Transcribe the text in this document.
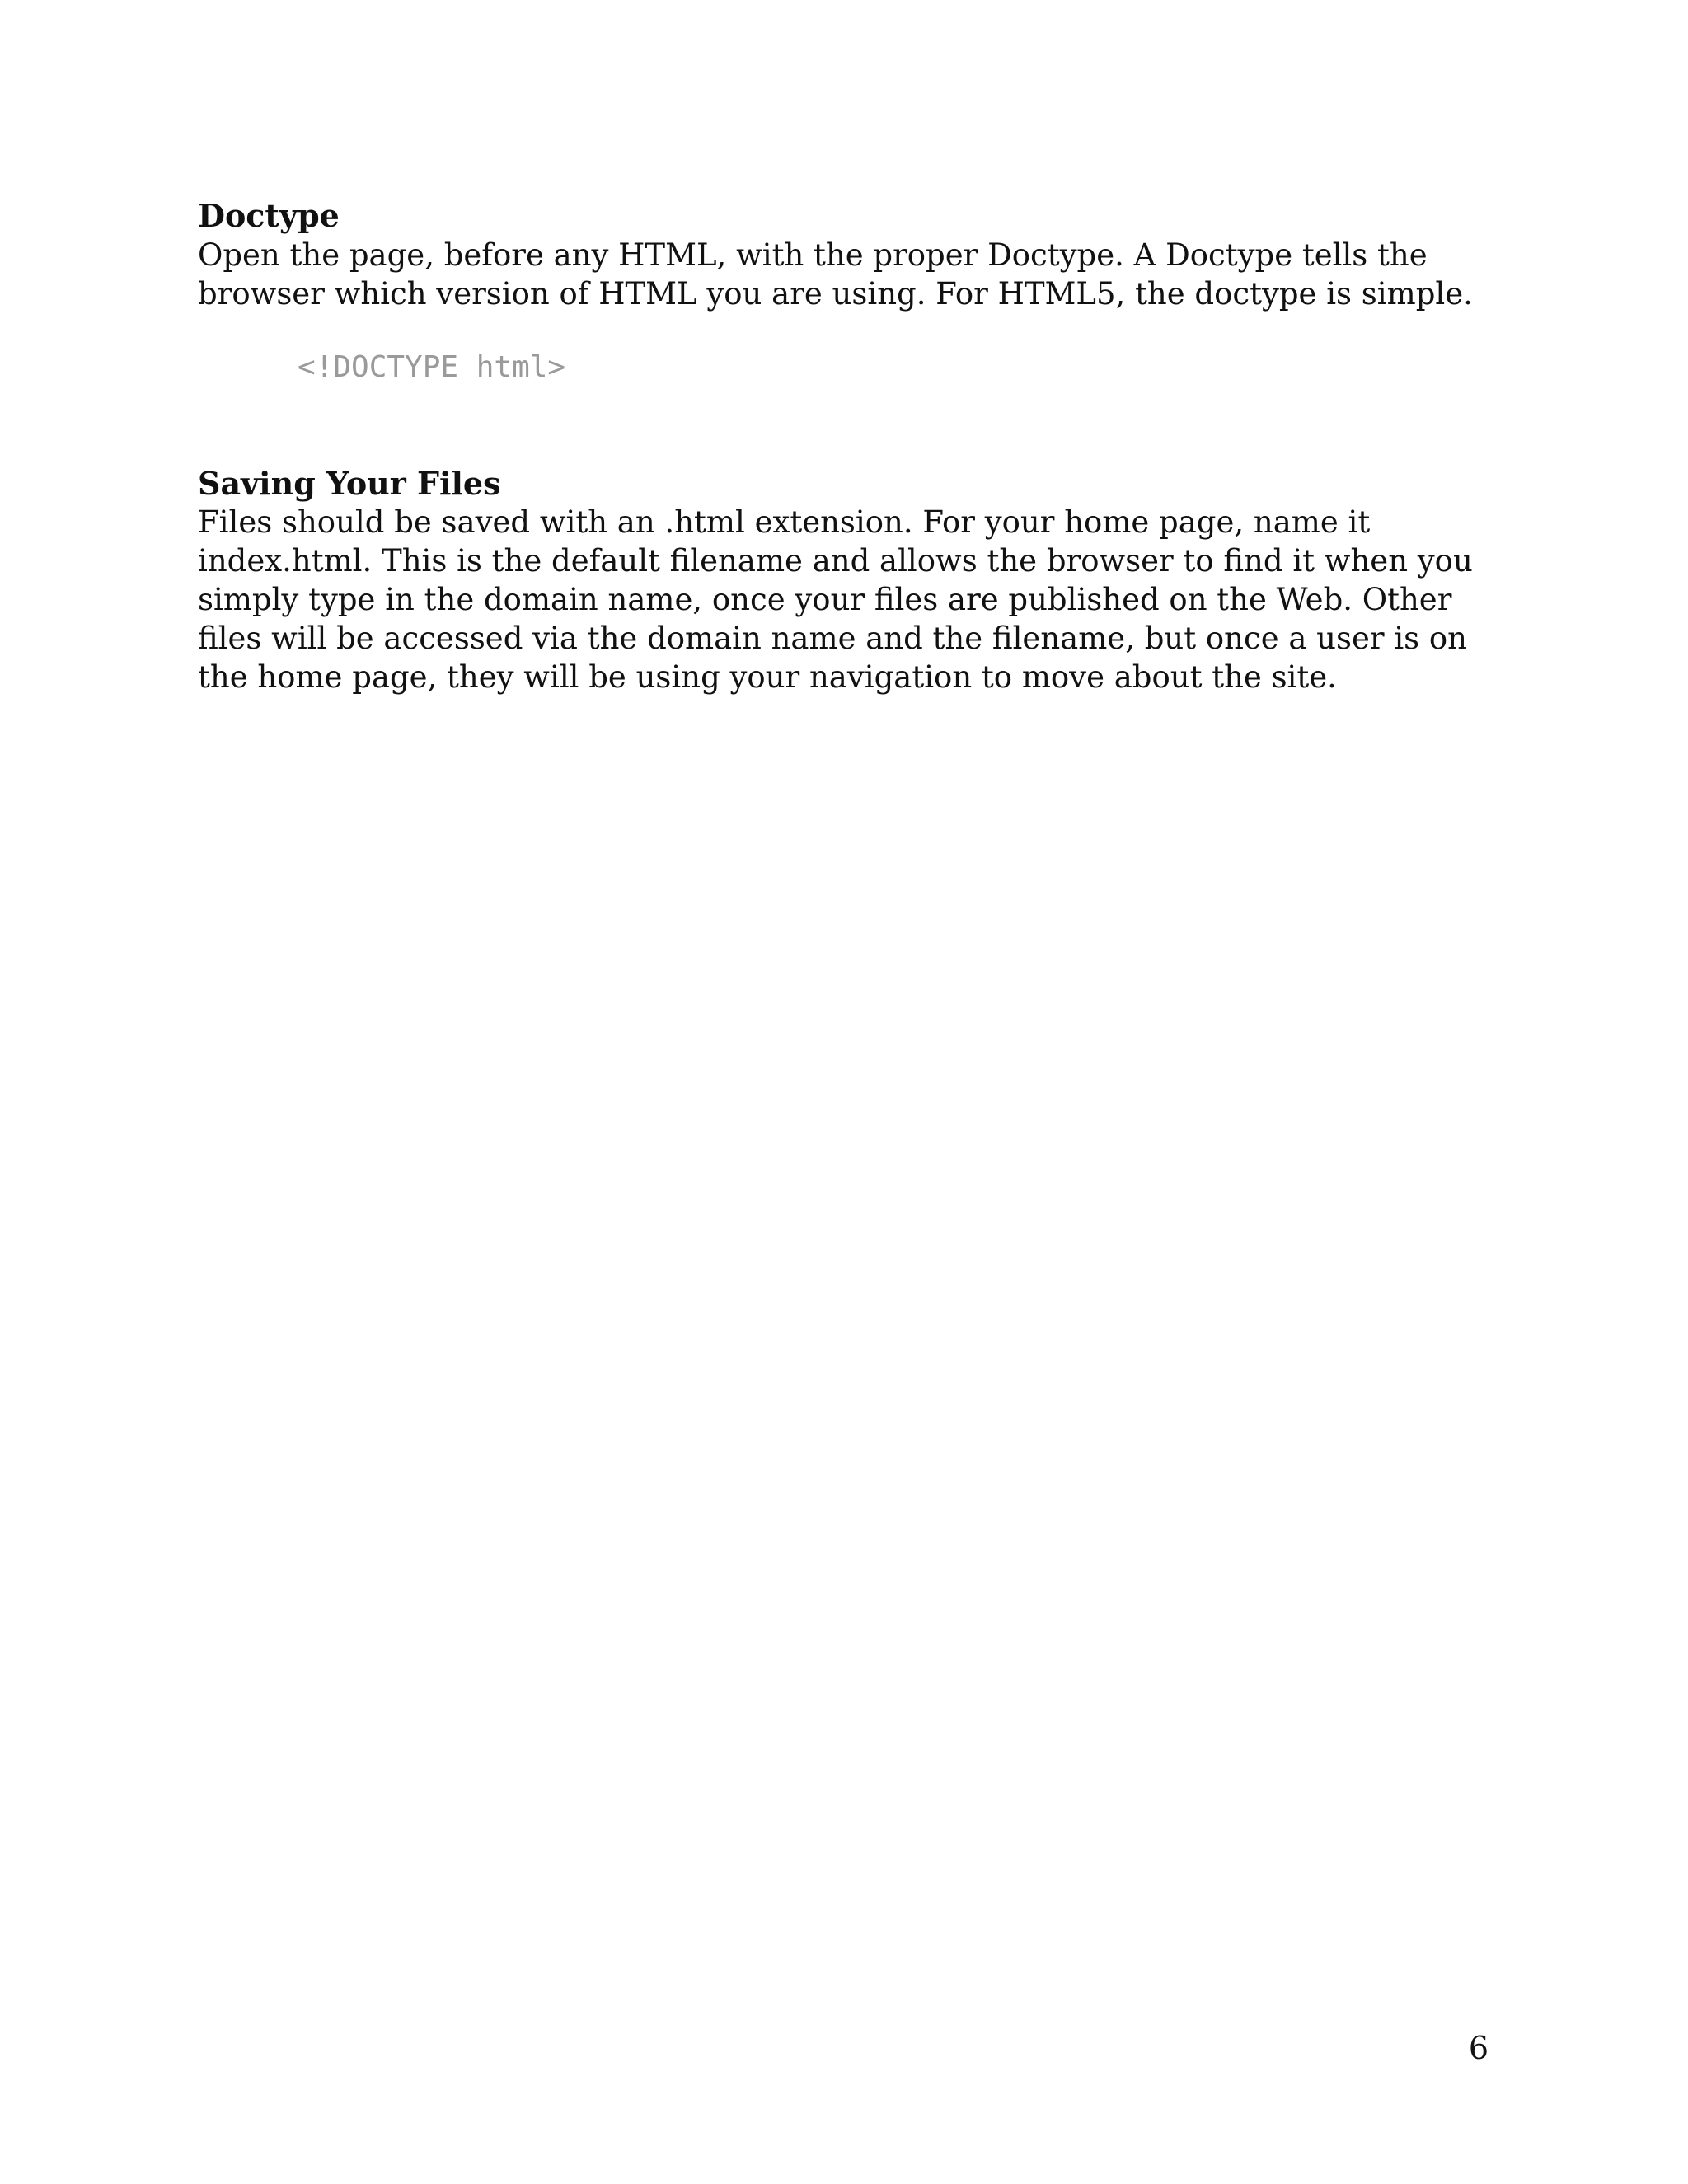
Doctype

Open the page, before any HTML, with the proper Doctype. A Doctype tells the browser which version of HTML you are using. For HTML5, the doctype is simple.

<!DOCTYPE html>
Saving Your Files

Files should be saved with an .html extension. For your home page, name it index.html. This is the default filename and allows the browser to find it when you simply type in the domain name, once your files are published on the Web. Other files will be accessed via the domain name and the filename, but once a user is on the home page, they will be using your navigation to move about the site.

6
